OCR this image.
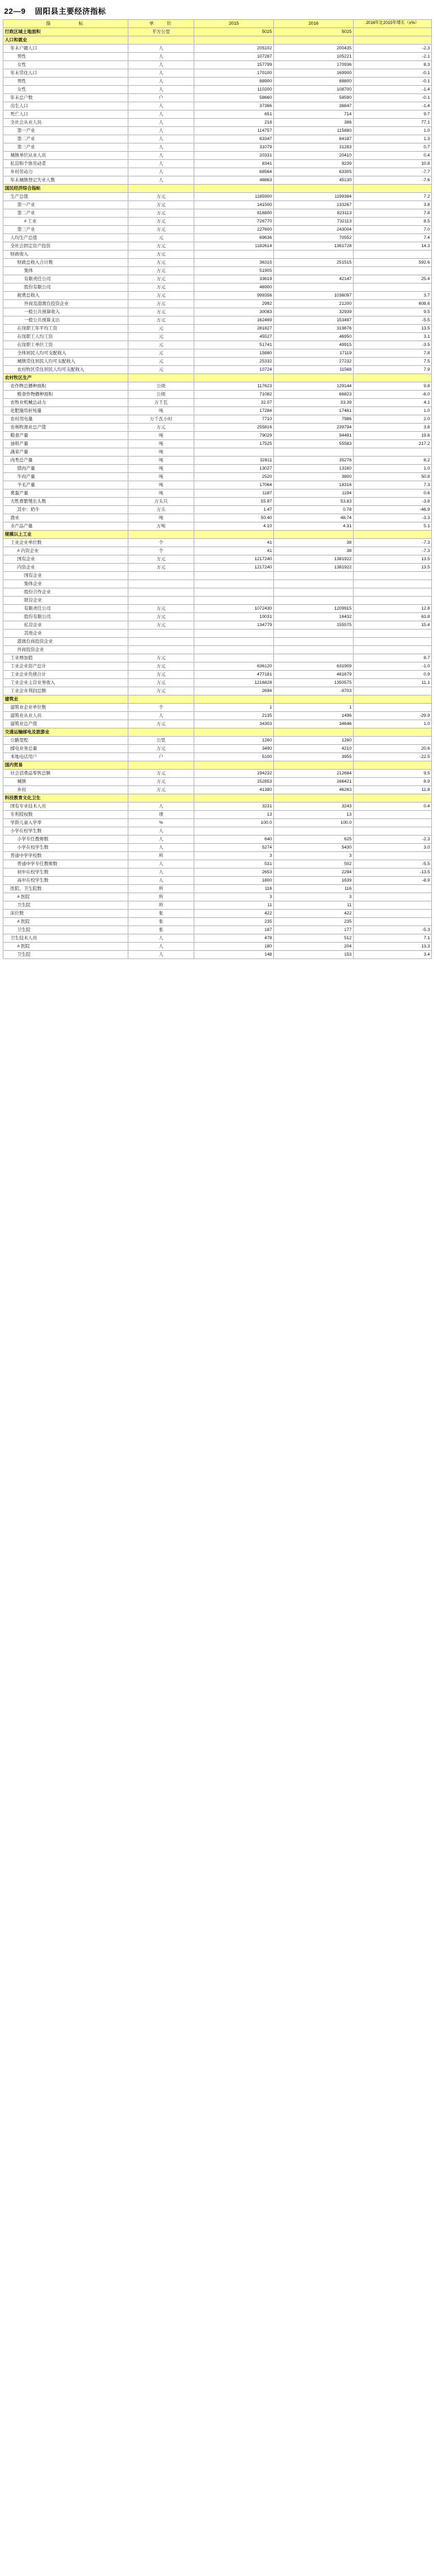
22—9 固阳县主要经济指标
指　　　　标	单　　位	2015	2016	2016年比2015年增长（±%）
行政区域土地面积	平方公里	5025	5025	
人口和就业				
年末户籍人口	人	205102	200435	-2.3
男性	人	107287	105221	-2.1
女性	人	157799	170936	8.3
年末常住人口	人	170100	169900	-0.1
男性	人	88900	88800	-0.1
女性	人	110200	108700	-1.4
年末总户数	户	58660	58590	-0.1
出生人口	人	37366	36847	-1.4
死亡人口	人	651	714	9.7
全社会从业人员	人	218	386	77.1
第一产业	人	114757	115880	1.0
第二产业	人	63347	64187	1.3
第三产业	人	31079	31283	0.7
城镇单位从业人员	人	20331	20410	0.4
私营和个体劳动者	人	8341	9239	10.8
乡村劳动力	人	68564	63305	-7.7
年末城镇登记失业人数	人	48863	45130	-7.6
国民经济综合指标				
生产总值	万元	1185900	1199384	7.2
第一产业	万元	141500	133267	3.8
第二产业	万元	816800	823113	7.8
# 工业	万元	726770	732113	8.5
第三产业	万元	227600	243004	7.0
人均生产总值	元	69636	70552	7.4
全社会固定资产投资	万元	1182614	1361728	14.3
财政收入	万元			
财政总收入合计数	万元	36315	251515	592.6
集体	万元	51905		
有限责任公司	万元	33619	42147	25.4
股份有限公司	万元	46900		
税费总收入	万元	999356	1036097	3.7
外商及港澳台投资企业	万元	2992	21200	608.6
一般公共预算收入	万元	30083	32939	9.5
一般公共预算支出	万元	162469	153497	-5.5
在岗职工年平均工资	元	281827	319876	13.5
在岗职工人均工资	元	45527	46950	3.1
在岗职工单位工资	元	51741	49915	-3.5
全体居民人均可支配收入	元	15880	17119	7.8
城镇常住居民人均可支配收入	元	25332	27232	7.5
农村牧区常住居民人均可支配收入	元	10724	11568	7.9
农村牧区生产				
农作物总播种面积	公顷	117623	129144	9.8
粮食作物播种面积	公顷	71082	66823	-6.0
农牧业机械总动力	万千瓦	32.07	33.39	4.1
化肥施用折纯量	吨	17284	17461	1.0
农村用电量	万千瓦小时	7710	7986	2.0
农林牧渔业总产值	万元	255816	239794	3.8
粮食产量	吨	79029	94491	19.6
油料产量	吨	17525	55583	217.2
蔬菜产量	吨			
肉类总产量	吨	32611	35276	8.2
猪肉产量	吨	13027	13160	1.0
牛肉产量	吨	2520	3800	50.8
羊毛产量	吨	17064	18316	7.3
禽蛋产量	吨	1187	1194	0.6
大牲畜繁殖长头数	万头只	55.97	53.83	-3.8
其中：奶牛	万头	1.47	0.78	-46.9
渔业	吨	50.40	48.74	-3.3
水产品产量	万吨	4.10	4.31	5.1
规模以上工业				
工业企业单位数	个	41	38	-7.3
# 内资企业	个	41	38	-7.3
国有企业	万元	1217240	1381922	13.5
内资企业	万元	1217240	1381922	13.5
国有企业				
集体企业				
股份合作企业				
联营企业				
有限责任公司	万元	1072430	1209915	12.8
股份有限公司	万元	10031	16432	63.8
私营企业	万元	134779	155575	15.4
其他企业				
港澳台商投资企业				
外商投资企业				
工业增加值	万元			8.7
工业企业资产总计	万元	636120	631909	-1.0
工业企业负债合计	万元	477181	481679	0.9
工业企业主营业务收入	万元	1216828	1350575	11.1
工业企业利润总额	万元	2694	-9703	
建筑业				
建筑业企业单位数	个	1	1	
建筑业从业人员	人	2135	1496	-29.9
建筑业总产值	万元	34303	34646	1.0
交通运输邮电及旅游业				
公路里程	公里	1260	1260	
邮电业务总量	万元	3490	4210	20.6
本地电话用户	户	5100	3955	-22.5
国内贸易				
社会消费品零售总额	万元	194232	212684	9.5
城镇	万元	152853	166421	8.9
乡村	万元	41380	46263	11.8
科技教育文化卫生				
国有专业技术人员	人	3231	3243	0.4
专利授权数	项	13	13	
学龄儿童入学率	%	100.0	100.0	
小学在校学生数	人			
小学专任教师数	人	640	625	-2.3
小学在校学生数	人	5274	5430	3.0
普通中学学校数	所	3	3	
普通中学专任教师数	人	531	502	-5.5
初中在校学生数	人	2653	2294	-13.5
高中在校学生数	人	1800	1639	-8.9
医院、卫生院数	所	116	116	
# 医院	所	3	3	
卫生院	所	11	11	
床位数	张	422	422	
# 医院	张	235	235	
卫生院	张	187	177	-5.3
卫生技术人员	人	478	512	7.1
# 医院	人	180	204	13.3
卫生院	人	148	153	3.4
